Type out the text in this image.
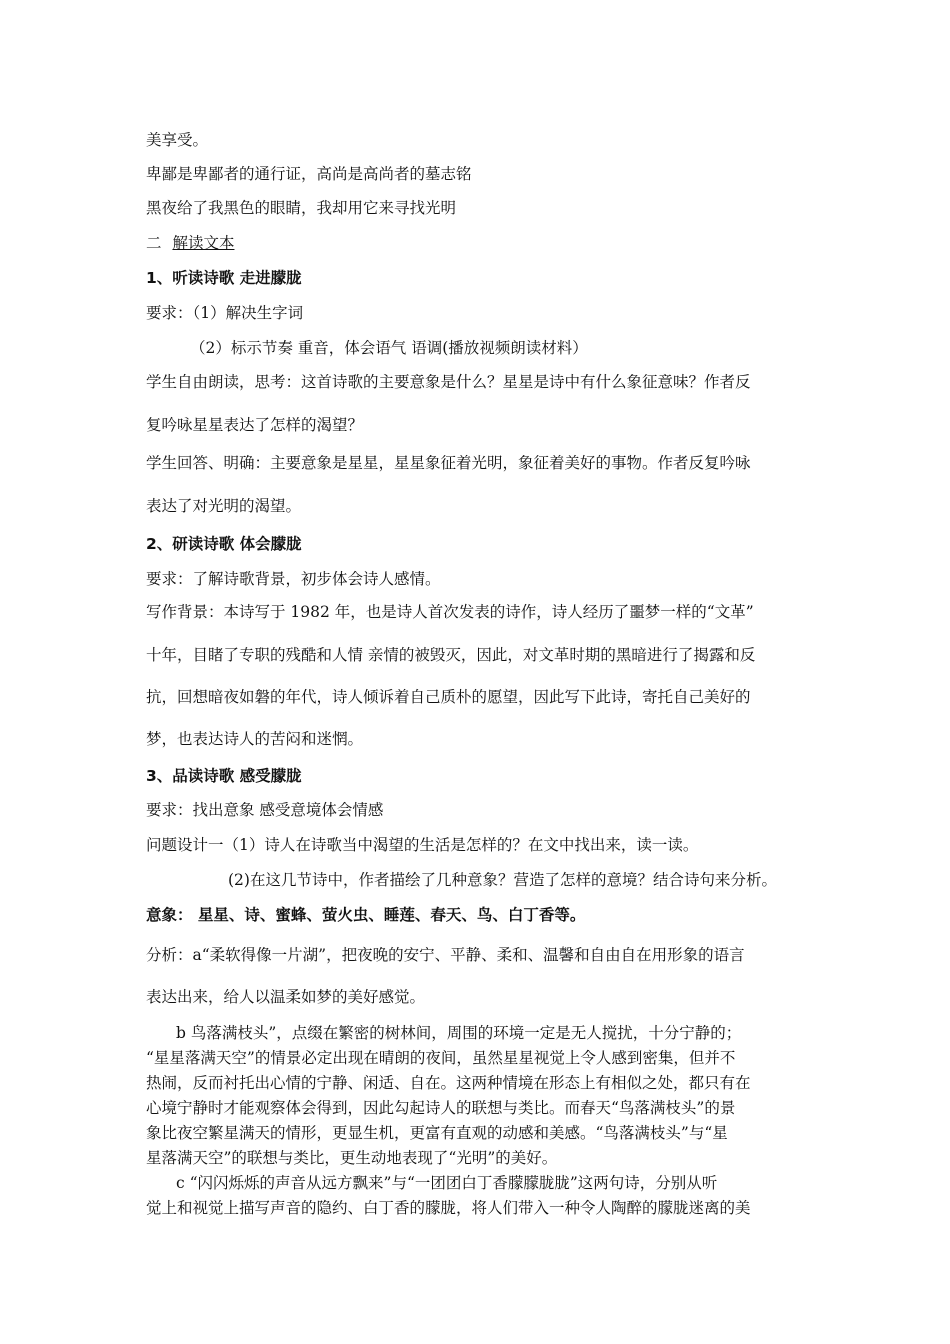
美享受。
卑鄙是卑鄙者的通行证，高尚是高尚者的墓志铭
黑夜给了我黑色的眼睛，我却用它来寻找光明
二 解读文本
1、听读诗歌 走进朦胧
要求：（1）解决生字词
（2）标示节奏 重音，体会语气 语调(播放视频朗读材料）
学生自由朗读，思考：这首诗歌的主要意象是什么？星星是诗中有什么象征意味？作者反
复吟咏星星表达了怎样的渴望？
学生回答、明确：主要意象是星星，星星象征着光明，象征着美好的事物。作者反复吟咏
表达了对光明的渴望。
2、研读诗歌 体会朦胧
要求：了解诗歌背景，初步体会诗人感情。
写作背景：本诗写于 1982 年，也是诗人首次发表的诗作，诗人经历了噩梦一样的“文革”
十年，目睹了专职的残酷和人情 亲情的被毁灭，因此，对文革时期的黑暗进行了揭露和反
抗，回想暗夜如磐的年代，诗人倾诉着自己质朴的愿望，因此写下此诗，寄托自己美好的
梦，也表达诗人的苦闷和迷惘。
3、品读诗歌 感受朦胧
要求：找出意象 感受意境体会情感
问题设计一（1）诗人在诗歌当中渴望的生活是怎样的？在文中找出来，读一读。
(2)在这几节诗中，作者描绘了几种意象？营造了怎样的意境？结合诗句来分析。
意象： 星星、诗、蜜蜂、萤火虫、睡莲、春天、鸟、白丁香等。
分析：a“柔软得像一片湖”，把夜晚的安宁、平静、柔和、温馨和自由自在用形象的语言
表达出来，给人以温柔如梦的美好感觉。
b 鸟落满枝头”，点缀在繁密的树林间，周围的环境一定是无人搅扰，十分宁静的；
“星星落满天空”的情景必定出现在晴朗的夜间，虽然星星视觉上令人感到密集，但并不
热闹，反而衬托出心情的宁静、闲适、自在。这两种情境在形态上有相似之处，都只有在
心境宁静时才能观察体会得到，因此勾起诗人的联想与类比。而春天“鸟落满枝头”的景
象比夜空繁星满天的情形，更显生机，更富有直观的动感和美感。“鸟落满枝头”与“星
星落满天空”的联想与类比，更生动地表现了“光明”的美好。
c “闪闪烁烁的声音从远方飘来”与“一团团白丁香朦朦胧胧”这两句诗，分别从听
觉上和视觉上描写声音的隐约、白丁香的朦胧，将人们带入一种令人陶醉的朦胧迷离的美
